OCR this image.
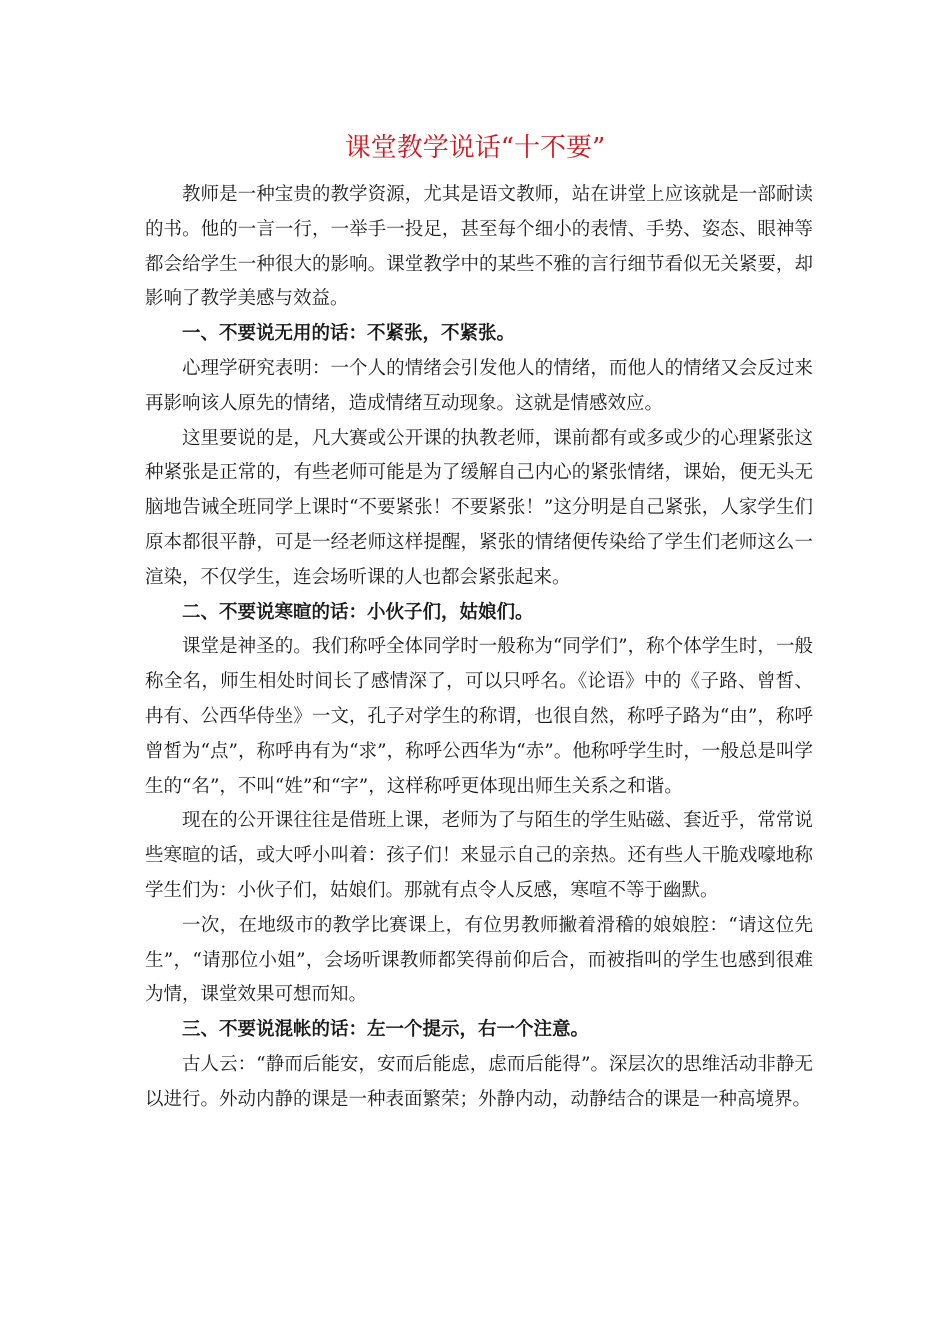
课堂教学说话“十不要”

教师是一种宝贵的教学资源，尤其是语文教师，站在讲堂上应该就是一部耐读的书。他的一言一行，一举手一投足，甚至每个细小的表情、手势、姿态、眼神等都会给学生一种很大的影响。课堂教学中的某些不雅的言行细节看似无关紧要，却影响了教学美感与效益。

一、不要说无用的话：不紧张，不紧张。

心理学研究表明：一个人的情绪会引发他人的情绪，而他人的情绪又会反过来再影响该人原先的情绪，造成情绪互动现象。这就是情感效应。

这里要说的是，凡大赛或公开课的执教老师，课前都有或多或少的心理紧张这种紧张是正常的，有些老师可能是为了缓解自己内心的紧张情绪，课始，便无头无脑地告诫全班同学上课时“不要紧张！不要紧张！”这分明是自己紧张，人家学生们原本都很平静，可是一经老师这样提醒，紧张的情绪便传染给了学生们老师这么一渲染，不仅学生，连会场听课的人也都会紧张起来。

二、不要说寒暄的话：小伙子们，姑娘们。

课堂是神圣的。我们称呼全体同学时一般称为“同学们”，称个体学生时，一般称全名，师生相处时间长了感情深了，可以只呼名。《论语》中的《子路、曾皙、冉有、公西华侍坐》一文，孔子对学生的称谓，也很自然，称呼子路为“由”，称呼曾皙为“点”，称呼冉有为“求”，称呼公西华为“赤”。他称呼学生时，一般总是叫学生的“名”，不叫“姓”和“字”，这样称呼更体现出师生关系之和谐。

现在的公开课往往是借班上课，老师为了与陌生的学生贴磁、套近乎，常常说些寒暄的话，或大呼小叫着：孩子们！来显示自己的亲热。还有些人干脆戏嚎地称学生们为：小伙子们，姑娘们。那就有点令人反感，寒喧不等于幽默。

一次，在地级市的教学比赛课上，有位男教师撇着滑稽的娘娘腔：“请这位先生”，“请那位小姐”，会场听课教师都笑得前仰后合，而被指叫的学生也感到很难为情，课堂效果可想而知。

三、不要说混帐的话：左一个提示，右一个注意。

古人云：“静而后能安，安而后能虑，虑而后能得”。深层次的思维活动非静无以进行。外动内静的课是一种表面繁荣；外静内动，动静结合的课是一种高境界。
